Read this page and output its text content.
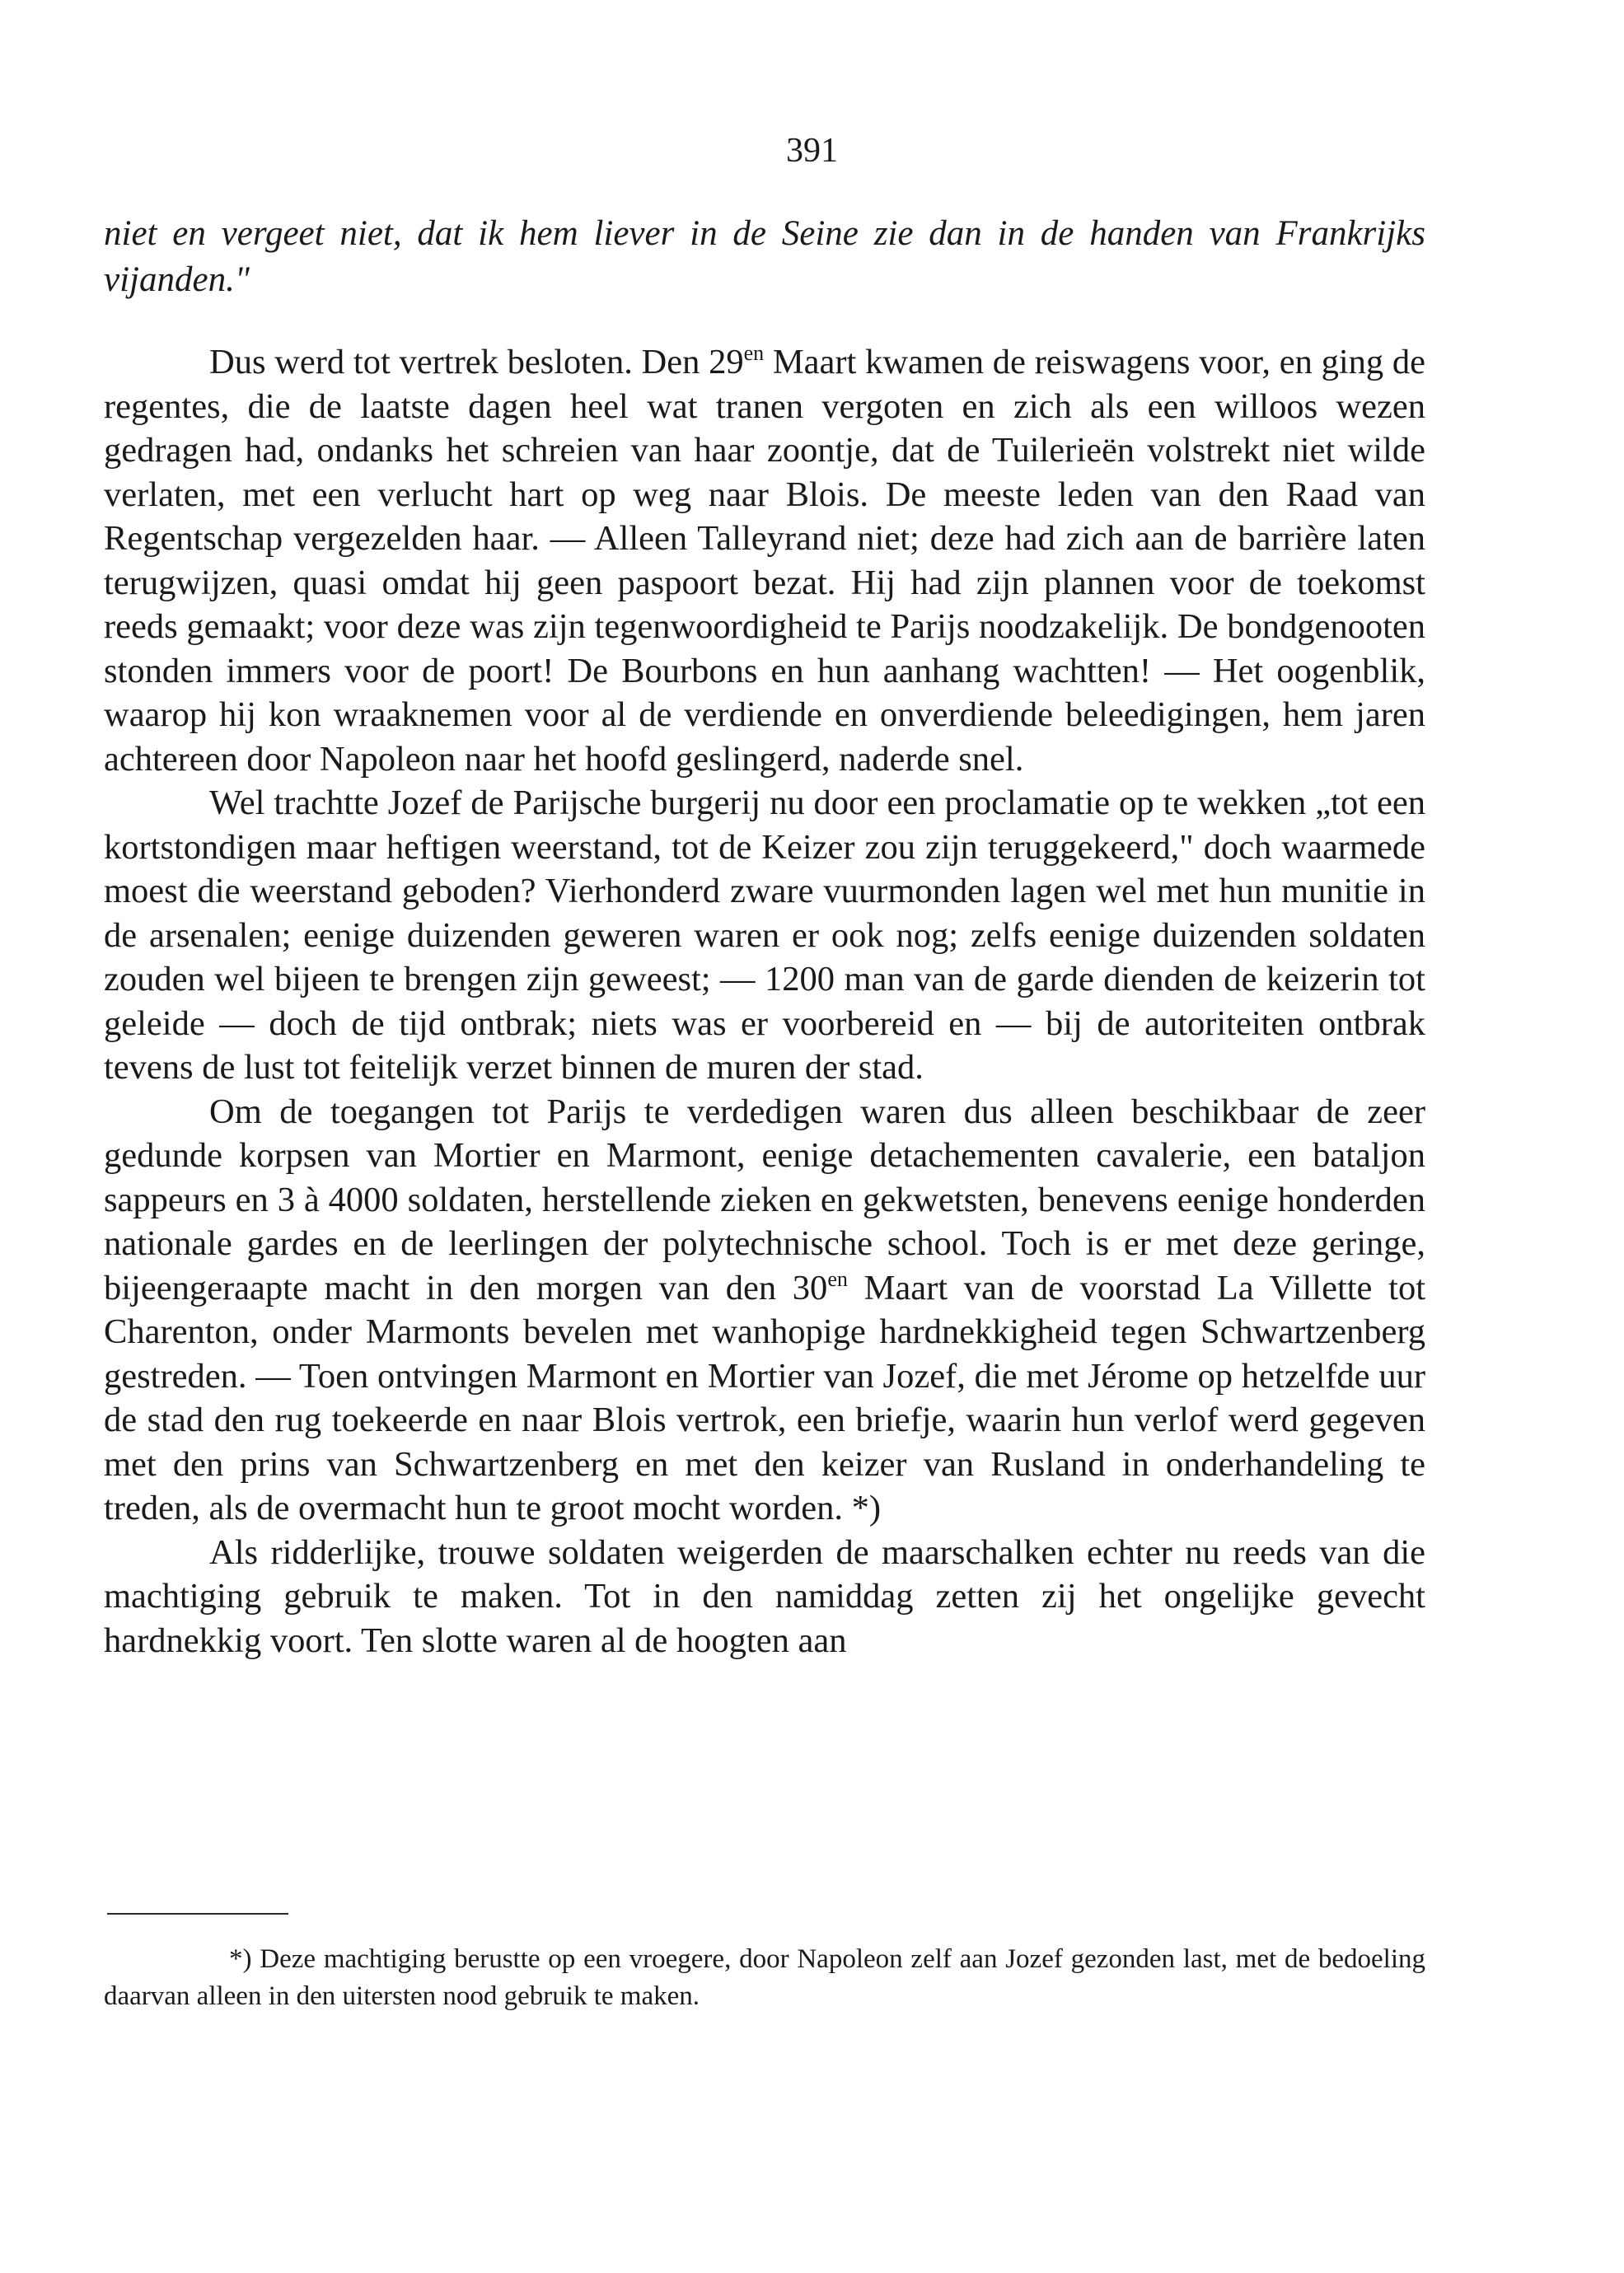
391
niet en vergeet niet, dat ik hem liever in de Seine zie dan in de handen van Frankrijks vijanden."

Dus werd tot vertrek besloten. Den $29^{en}$ Maart kwamen de reiswagens voor, en ging de regentes, die de laatste dagen heel wat tranen vergoten en zich als een willoos wezen gedragen had, ondanks het schreien van haar zoontje, dat de Tuilerieën volstrekt niet wilde verlaten, met een verlucht hart op weg naar Blois. De meeste leden van den Raad van Regentschap vergezelden haar. — Alleen Talleyrand niet; deze had zich aan de barrière laten terugwijzen, quasi omdat hij geen paspoort bezat. Hij had zijn plannen voor de toekomst reeds gemaakt; voor deze was zijn tegenwoordigheid te Parijs noodzakelijk. De bondgenooten stonden immers voor de poort! De Bourbons en hun aanhang wachtten! — Het oogenblik, waarop hij kon wraaknemen voor al de verdiende en onverdiende beleedigingen, hem jaren achtereen door Napoleon naar het hoofd geslingerd, naderde snel.

Wel trachtte Jozef de Parijsche burgerij nu door een proclamatie op te wekken „tot een kortstondigen maar heftigen weerstand, tot de Keizer zou zijn teruggekeerd," doch waarmede moest die weerstand geboden? Vierhonderd zware vuurmonden lagen wel met hun munitie in de arsenalen; eenige duizenden geweren waren er ook nog; zelfs eenige duizenden soldaten zouden wel bijeen te brengen zijn geweest; — 1200 man van de garde dienden de keizerin tot geleide — doch de tijd ontbrak; niets was er voorbereid en — bij de autoriteiten ontbrak tevens de lust tot feitelijk verzet binnen de muren der stad.

Om de toegangen tot Parijs te verdedigen waren dus alleen beschikbaar de zeer gedunde korpsen van Mortier en Marmont, eenige detachementen cavalerie, een bataljon sappeurs en 3 à 4000 soldaten, herstellende zieken en gekwetsten, benevens eenige honderden nationale gardes en de leerlingen der polytechnische school. Toch is er met deze geringe, bijeengeraapte macht in den morgen van den $30^{en}$ Maart van de voorstad La Villette tot Charenton, onder Marmonts bevelen met wanhopige hardnekkigheid tegen Schwartzenberg gestreden. — Toen ontvingen Marmont en Mortier van Jozef, die met Jérome op hetzelfde uur de stad den rug toekeerde en naar Blois vertrok, een briefje, waarin hun verlof werd gegeven met den prins van Schwartzenberg en met den keizer van Rusland in onderhandeling te treden, als de overmacht hun te groot mocht worden. *)

Als ridderlijke, trouwe soldaten weigerden de maarschalken echter nu reeds van die machtiging gebruik te maken. Tot in den namiddag zetten zij het ongelijke gevecht hardnekkig voort. Ten slotte waren al de hoogten aan

*) Deze machtiging berustte op een vroegere, door Napoleon zelf aan Jozef gezonden last, met de bedoeling daarvan alleen in den uitersten nood gebruik te maken.
